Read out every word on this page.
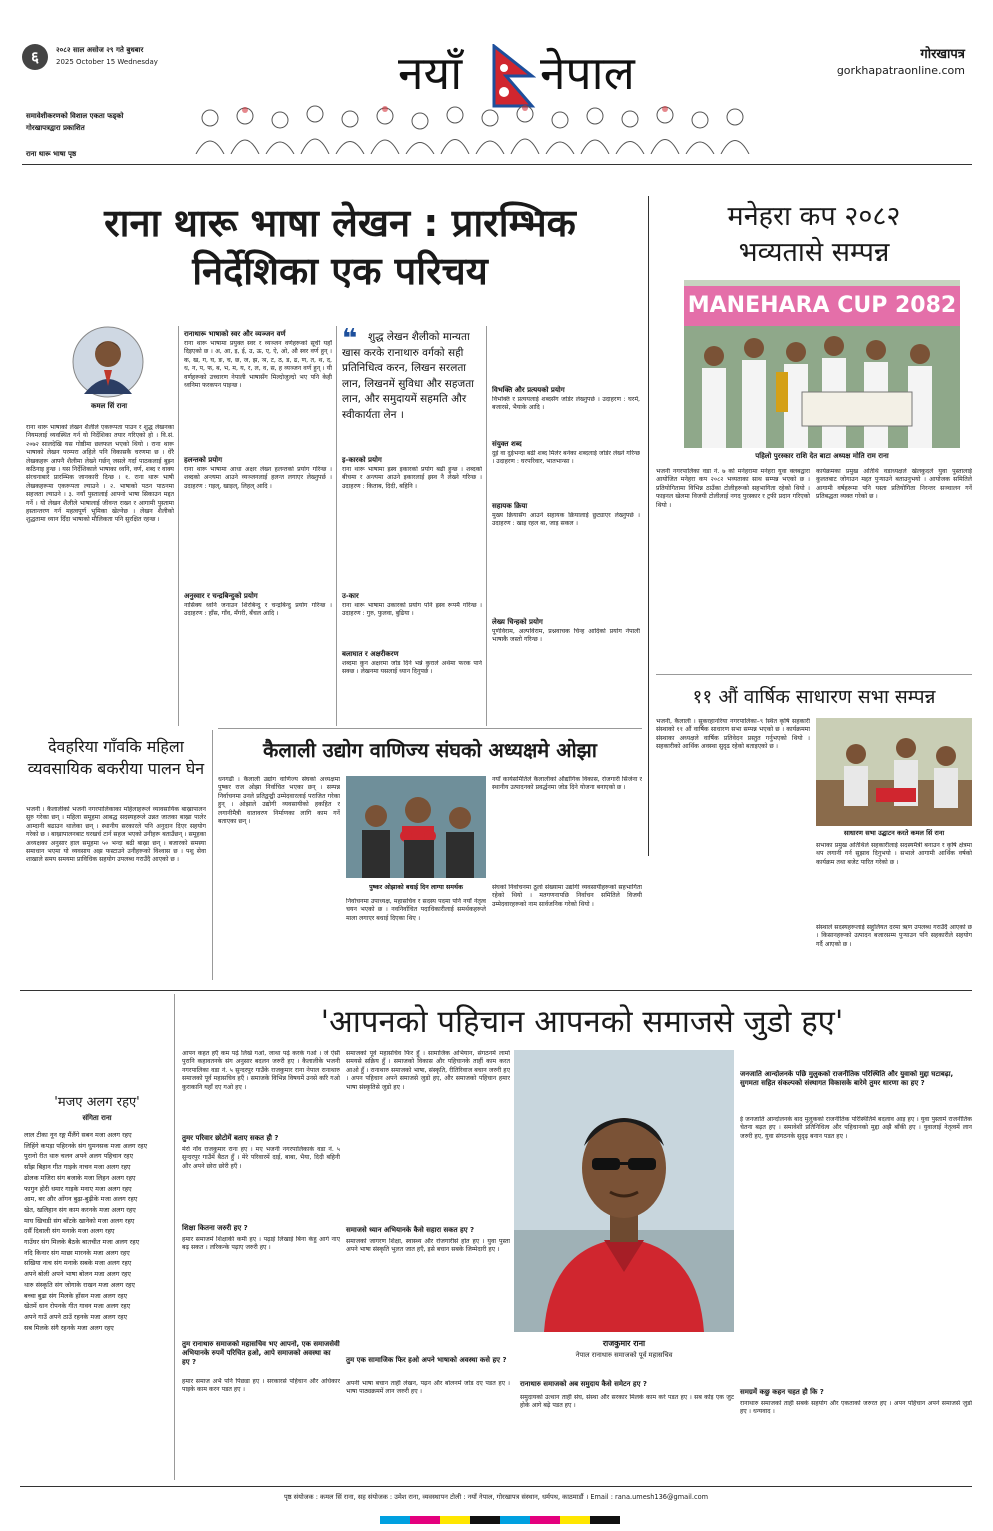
६	२०८२ साल असोज २९ गते बुधबार
2025 October 15 Wednesday	नयाँ नेपाल	गोरखापत्र
gorkhapatraonline.com
समावेशीकरणको विशाल एकता फड्को
गोरखापत्रद्वारा प्रकाशित
राना थारू भाषा पृष्ठ
राना थारू भाषा लेखन : प्रारम्भिक
निर्देशिका एक परिचय
कमल सिं राना
राना थारू भाषाको लेखन शैलीले एकरूपता पाउन र शुद्ध लेखनका नियमलाई व्यवस्थित गर्न यो निर्देशिका तयार गरिएको हो । वि.सं. २०७२ सालदेखि यस गोष्ठीमा छलफल भएको थियो । राना थारू भाषाको लेखन परम्परा अहिले पनि विकासकै चरणमा छ । धेरै लेखकहरू आफ्नै शैलीमा लेख्ने गर्छन् जसले गर्दा पाठकलाई बुझ्न कठिनाइ हुन्छ । यस निर्देशिकाले भाषाका ध्वनि, वर्ण, शब्द र वाक्य संरचनाबारे प्रारम्भिक जानकारी दिन्छ । १. राना थारू भाषी लेखकहरूमा एकरूपता ल्याउने । २. भाषाको पठन पाठनमा सहजता ल्याउने । ३. नयाँ पुस्तालाई आफ्नो भाषा सिकाउन मद्दत गर्ने । यो लेखन शैलीले भाषालाई जीवन्त राख्न र आगामी पुस्तामा हस्तान्तरण गर्न महत्वपूर्ण भूमिका खेल्नेछ । लेखन शैलीको शुद्धतामा ध्यान दिँदा भाषाको मौलिकता पनि सुरक्षित रहन्छ ।
रानाथारू भाषाको स्वर और व्यञ्जन वर्ण
राना थारू भाषामा प्रयुक्त स्वर र व्यञ्जन वर्णहरूको सूची यहाँ दिइएको छ । अ, आ, इ, ई, उ, ऊ, ए, ऐ, ओ, औ स्वर वर्ण हुन् । क, ख, ग, घ, ङ, च, छ, ज, झ, ञ, ट, ठ, ड, ढ, ण, त, थ, द, ध, न, प, फ, ब, भ, म, य, र, ल, व, स, ह व्यञ्जन वर्ण हुन् । यी वर्णहरूको उच्चारण नेपाली भाषासँग मिल्दोजुल्दो भए पनि केही ध्वनिमा फरकपन पाइन्छ ।
हलन्तको प्रयोग
राना थारू भाषामा आधा अक्षर लेख्न हलन्तको प्रयोग गरिन्छ । शब्दको अन्त्यमा आउने व्यञ्जनलाई हलन्त लगाएर लेख्नुपर्छ । उदाहरण : गइल्, खाइल्, लिहल् आदि ।
अनुस्वार र चन्द्रबिन्दुको प्रयोग
नासिक्य ध्वनि जनाउन शिरबिन्दु र चन्द्रबिन्दु प्रयोग गरिन्छ । उदाहरण : हाँस, गाँव, मँगरी, बँचल आदि ।
❝	शुद्ध लेखन शैलीको मान्यता खास करके रानाथारु वर्गको सही प्रतिनिधित्व करन, लिखन सरलता लान, लिखनमें सुविधा और सहजता लान, और समुदायमें सहमति और स्वीकार्यता लेन ।
इ-कारको प्रयोग
राना थारू भाषामा ह्रस्व इकारको प्रयोग बढी हुन्छ । शब्दको बीचमा र अन्त्यमा आउने इकारलाई ह्रस्व नै लेख्ने गरिन्छ । उदाहरण : किताब, दिदी, बहिनि ।
उ-कार
राना थारू भाषामा उकारको प्रयोग पनि ह्रस्व रूपमै गरिन्छ । उदाहरण : गुरु, फुलवा, बुढिया ।
बलाघात र अक्षरीकरण
शब्दमा कुन अक्षरमा जोड दिने भन्ने कुराले अर्थमा फरक पार्न सक्छ । लेखनमा यसलाई ध्यान दिनुपर्छ ।
विभक्ति और प्रत्ययको प्रयोग
विभक्ति र प्रत्ययलाई शब्दसँग जोडेर लेख्नुपर्छ । उदाहरण : घरमें, बजारसे, भैयाके आदि ।
संयुक्त शब्द
दुई वा दुईभन्दा बढी शब्द मिलेर बनेका शब्दलाई जोडेर लेख्ने गरिन्छ । उदाहरण : घरपरिवार, भातभान्सा ।
सहायक क्रिया
मुख्य क्रियासँग आउने सहायक क्रियालाई छुट्याएर लेख्नुपर्छ । उदाहरण : खाइ रहल बा, जाइ सकल ।
लेख्य चिन्हको प्रयोग
पूर्णविराम, अल्पविराम, प्रश्नवाचक चिन्ह आदिको प्रयोग नेपाली भाषाकै जस्तो गरिन्छ ।
मनेहरा कप २०८२
भव्यतासे सम्पन्न
MANEHARA CUP 2082
पहिलो पुरस्कार राशि देत बाटा अध्यक्ष मोति राम राना
भजनी नगरपालिका वडा नं. ७ को मनेहरामा मनेहरा युवा क्लबद्वारा आयोजित मनेहरा कप २०८२ भव्यताका साथ सम्पन्न भएको छ । प्रतियोगितामा विभिन्न ठाउँका टोलीहरूको सहभागिता रहेको थियो । फाइनल खेलमा विजयी टोलीलाई नगद पुरस्कार र ट्रफी प्रदान गरिएको थियो ।
कार्यक्रमका प्रमुख अतिथि वडाध्यक्षले खेलकुदले युवा पुस्तालाई कुलतबाट जोगाउन मद्दत पुर्‍याउने बताउनुभयो । आयोजक समितिले आगामी वर्षहरूमा पनि यस्ता प्रतियोगिता निरन्तर सञ्चालन गर्ने प्रतिबद्धता व्यक्त गरेको छ ।
११ औं वार्षिक साधारण सभा सम्पन्न
भजनी, कैलाली । सुकरहानरिया नगरपालिका–९ स्थित कृषि सहकारी संस्थाको ११ औं वार्षिक साधारण सभा सम्पन्न भएको छ । कार्यक्रममा संस्थाका अध्यक्षले वार्षिक प्रतिवेदन प्रस्तुत गर्नुभएको थियो । सहकारीको आर्थिक अवस्था सुदृढ रहेको बताइएको छ ।
साधारण सभा उद्घाटन करते कमल सिं राना
सभाका प्रमुख अतिथिले सहकारीलाई सदस्यमैत्री बनाउन र कृषि क्षेत्रमा थप लगानी गर्न सुझाव दिनुभयो । सभाले आगामी आर्थिक वर्षको कार्यक्रम तथा बजेट पारित गरेको छ ।
संस्थाले सदस्यहरूलाई सहुलियत दरमा ऋण उपलब्ध गराउँदै आएको छ । किसानहरूको उत्पादन बजारसम्म पुर्‍याउन पनि सहकारीले सहयोग गर्दै आएको छ ।
कैलाली उद्योग वाणिज्य संघको अध्यक्षमे ओझा
धनगढी । कैलाली उद्योग वाणिज्य संघको अध्यक्षमा पुष्कर राज ओझा निर्वाचित भएका छन् । सम्पन्न निर्वाचनमा उनले प्रतिद्वन्द्वी उम्मेदवारलाई पराजित गरेका हुन् । ओझाले उद्योगी व्यवसायीको हकहित र लगानीमैत्री वातावरण निर्माणका लागि काम गर्ने बताएका छन् ।
पुष्कर ओझाको बधाई दिन लाग्या समर्थक
निर्वाचनमा उपाध्यक्ष, महासचिव र सदस्य पदमा पनि नयाँ नेतृत्व चयन भएको छ । नवनिर्वाचित पदाधिकारीलाई समर्थकहरूले माला लगाएर बधाई दिएका थिए ।
नयाँ कार्यसमितिले कैलालीको औद्योगिक विकास, रोजगारी सिर्जना र स्थानीय उत्पादनको प्रवर्द्धनमा जोड दिने योजना बनाएको छ ।
संघको निर्वाचनमा ठूलो संख्यामा उद्योगी व्यवसायीहरूको सहभागिता रहेको थियो । मतगणनापछि निर्वाचन समितिले विजयी उम्मेदवारहरूको नाम सार्वजनिक गरेको थियो ।
देवहरिया गाँवकि महिला व्यवसायिक बकरीया पालन घेन
भजनी । कैलालीको भजनी नगरपालिकाका महिलाहरूले व्यावसायिक बाख्रापालन सुरु गरेका छन् । महिला समूहमा आबद्ध सदस्यहरूले उन्नत जातका बाख्रा पालेर आम्दानी बढाउन थालेका छन् । स्थानीय सरकारले पनि अनुदान दिएर सहयोग गरेको छ । बाख्रापालनबाट घरखर्च टार्न सहज भएको उनीहरू बताउँछन् । समूहका अध्यक्षका अनुसार हाल समूहमा ५० भन्दा बढी बाख्रा छन् । बजारको समस्या समाधान भएमा यो व्यवसाय अझ फस्टाउने उनीहरूको विश्वास छ । पशु सेवा शाखाले समय समयमा प्राविधिक सहयोग उपलब्ध गराउँदै आएको छ ।
'आपनको पहिचान आपनको समाजसे जुडो हए'
'मजए अलग रहए'
संगिता राना

लाल टीका नून रङ्ग मैंलैंगे सबन मजा अलग रहए

लिहिंगे कपड़ा पहिरनके संग घुमनसक मजा अलग रहए

पुरानो रीत थारु चलन अपने अलग पहिचान रहए

साँझ बिहान गीत गाइके नाचन मजा अलग रहए

ढोलक मजिरा संग बजाके मजा लिहन अलग रहए

फागुन होरी धमार गाइके मनाए मजा अलग रहए

आम, बर और आँगन बुढ़ा-बुढ़ीके मजा अलग रहए

खेत, खलिहान संग काम करनके मजा अलग रहए

माघ खिचडी संग बाँटके खानेको मजा अलग रहए

दसैँ दिवाली संग मनाके मजा अलग रहए

गाउँघर संग मिलके बैठके बातचीत मजा अलग रहए

नदि किनार संग माछा मारनके मजा अलग रहए

सखिया नाच संग मनाके सबके मजा अलग रहए

अपने बोली अपने भाषा बोलन मजा अलग रहए

थारु संस्कृति संग जोगाके राखन मजा अलग रहए

बच्चा बुढा संग मिलके हाँसन मजा अलग रहए

खेतमें धान रोपनके गीत गावन मजा अलग रहए

अपने गाउँ अपने ठाउँ रहनके मजा अलग रहए

सब मिलके संगै रहनके मजा अलग रहए

आपन कहत हएँ कम पढ़े लिखे गओ, जाथा पढ़े करके गओ । जे ऐसी पुरानि कहावतनके संग अनुसार बदलन जरुरी हए । कैलालीके भजनी नगरपालिका वडा नं. ५ सुन्दरपुर गाउँके राजकुमार राना नेपाल रानाथारु समाजको पूर्व महासचिव हएँ । समाजके विभिन्न विषयमें उनसे करि गओ कुराकानि यहाँ दए गओ हए ।
तुमर परिवार छोटोमें बताए सकत हौ ?
मेरो नाँव राजकुमार राना हए । मए भजनी नगरपालिकाके वडा नं. ५ सुन्दरपुर गाउँमें बैठत हुँ । मेरे परिवारमें दाई, बाबा, भैया, दिदी बहिनी और अपने छोरा छोरी हएँ ।
शिक्षा कितना जरुरी हए ?
हमार समाजमें शिक्षाकी कमी हए । पढ़ाई लिखाई बिना केहु आगे नाए बढ़ सकत । लरिकन्के पढ़ाए जरुरी हए ।
तुम रानाथारु समाजको महासचिव भए आपनो, एक समाजसेवी अभियानके रुपमें परिचित हओ, आपे समाजको अवस्था का हए ?
हमार समाज अभै पनि पिछडा हए । सरकारसे पहिचान और अधिकार पाइके काम करन पडत हए ।
समाजको पूर्व महासचिव फिर हुँ । सामाजिक अभियान, संगठनमें लामो समयसे सक्रिय हुँ । समाजको विकास और पहिचानके ताहीं काम करत आओ हुँ । रानाथारु समाजको भाषा, संस्कृति, रीतिरिवाज बचान जरुरी हए । अपन पहिचान अपने समाजसे जुडो हए, और समाजको पहिचान हमार भाषा संस्कृतिसे जुडो हए ।
समाजसे ध्यान अभियानके कैसे सहारा सकत हए ?
समाजको जागरण शिक्षा, स्वास्थ्य और रोजगारीसे होत हए । युवा पुस्ता अपने भाषा संस्कृति भुलत जात हएँ, इसे बचान सबके जिम्मेदारी हए ।
तुम एक सामाजिक फिर हओ अपने भाषाको अवस्था कसे हए ?
अपनी भाषा बचान ताहीं लेखन, पढ़न और बोलनमें जोड दए पडत हए । भाषा पाठ्यक्रममें लान जरुरी हए ।
राजकुमार राना
नेपाल रानाथारु समाजको पूर्व महासचिव
रानाथारु समाजको अब समुदाय कैसे समेटन हए ?
समुदायको उत्थान ताहीं संघ, संस्था और सरकार मिलके काम करे पडत हए । सब कोइ एक जुट होके आगे बढ़े पडत हए ।
जनजाति आन्दोलनके पछि मुलुकको राजनीतिक परिस्थिति और युवाको मुद्दा घटाबढ़ा, सुगमता सहित संकल्पको संस्थागत विकासके बारेमे तुमर धारणा का हए ?
ई जनजाति आन्दोलनके बाद मुलुकको राजनीतिक परिस्थितिमें बदलाव आइ हए । युवा पुस्तामें राजनीतिक चेतना बढ़त हए । समावेशी प्रतिनिधित्व और पहिचानको मुद्दा अझै बाँकी हए । युवालाई नेतृत्वमें लान जरुरी हए, युवा संगठनके सुदृढ़ बनान पडत हए ।
समग्रमें कछु कहन चहत हौ कि ?
रानाथारु समाजको ताहीं सबके सहयोग और एकताको जरुरत हए । अपन पहिचान अपने समाजसे जुडो हए । धन्यवाद ।
पृष्ठ संयोजक : कमल सिं राना, सह संयोजक : उमेश राना, व्यवस्थापन टोली : नयाँ नेपाल, गोरखापत्र संस्थान, धर्मपथ, काठमाडौं । Email : rana.umesh136@gmail.com
